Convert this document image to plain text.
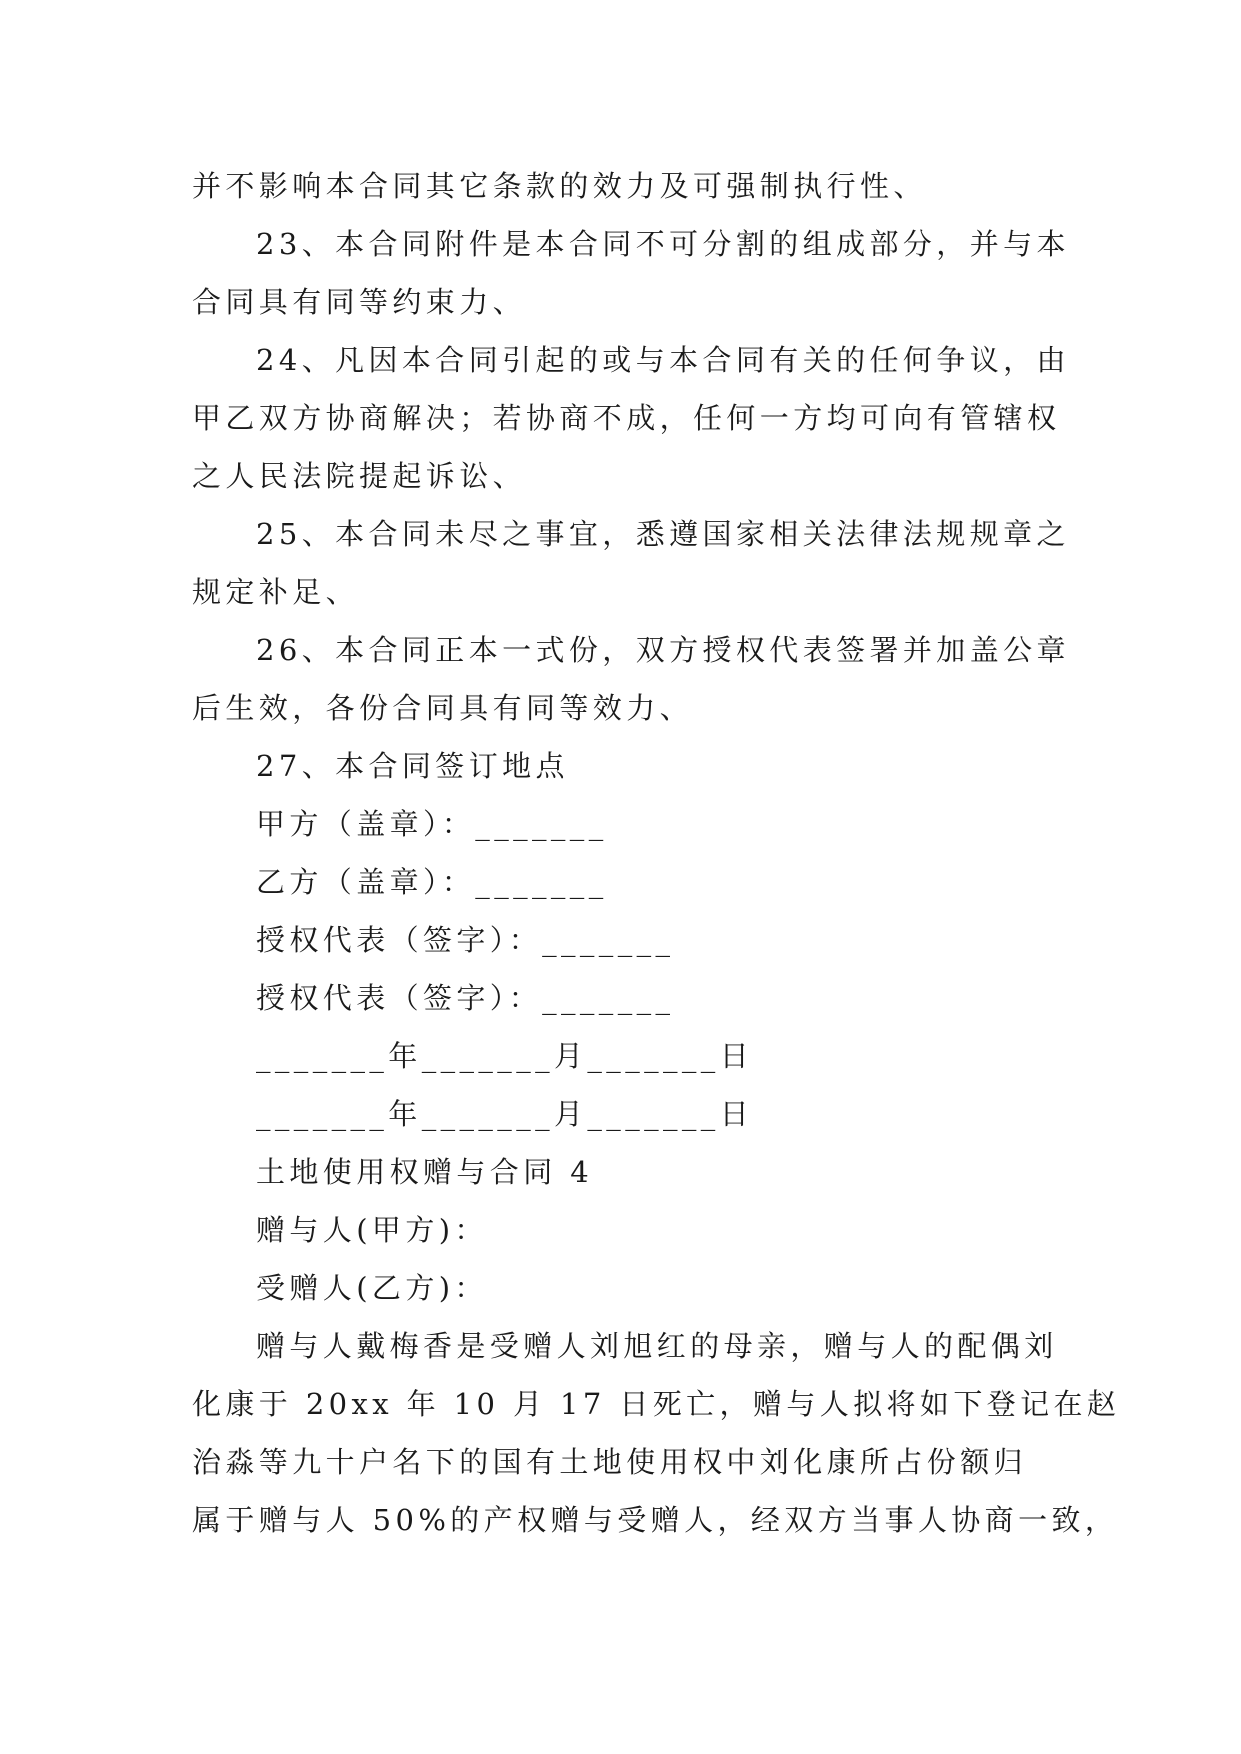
并不影响本合同其它条款的效力及可强制执行性、
23、本合同附件是本合同不可分割的组成部分，并与本
合同具有同等约束力、
24、凡因本合同引起的或与本合同有关的任何争议，由
甲乙双方协商解决；若协商不成，任何一方均可向有管辖权
之人民法院提起诉讼、
25、本合同未尽之事宜，悉遵国家相关法律法规规章之
规定补足、
26、本合同正本一式份，双方授权代表签署并加盖公章
后生效，各份合同具有同等效力、
27、本合同签订地点
甲方（盖章）：_______
乙方（盖章）：_______
授权代表（签字）：_______
授权代表（签字）：_______
_______年_______月_______日
_______年_______月_______日
土地使用权赠与合同 4
赠与人(甲方)：
受赠人(乙方)：
赠与人戴梅香是受赠人刘旭红的母亲，赠与人的配偶刘
化康于 20xx 年 10 月 17 日死亡，赠与人拟将如下登记在赵
治淼等九十户名下的国有土地使用权中刘化康所占份额归
属于赠与人 50%的产权赠与受赠人，经双方当事人协商一致，
